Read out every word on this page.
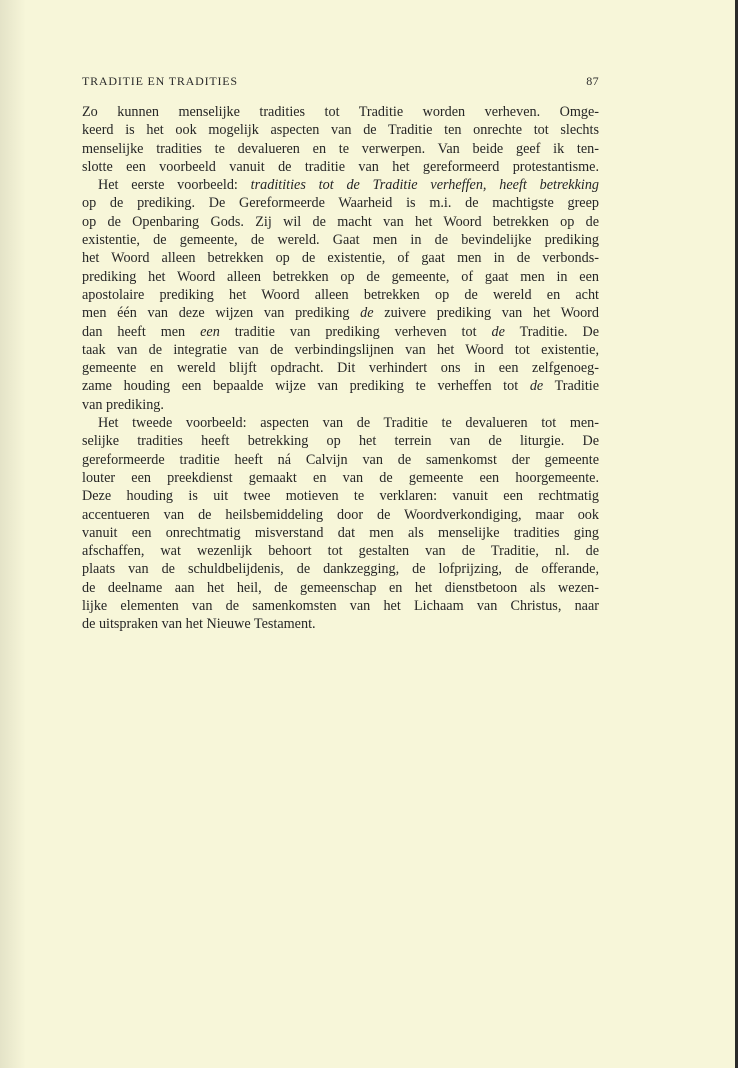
TRADITIE EN TRADITIES	87
Zo kunnen menselijke tradities tot Traditie worden verheven. Omge-
keerd is het ook mogelijk aspecten van de Traditie ten onrechte tot slechts
menselijke tradities te devalueren en te verwerpen. Van beide geef ik ten-
slotte een voorbeeld vanuit de traditie van het gereformeerd protestantisme.
Het eerste voorbeeld: traditities tot de Traditie verheffen, heeft betrekking
op de prediking. De Gereformeerde Waarheid is m.i. de machtigste greep
op de Openbaring Gods. Zij wil de macht van het Woord betrekken op de
existentie, de gemeente, de wereld. Gaat men in de bevindelijke prediking
het Woord alleen betrekken op de existentie, of gaat men in de verbonds-
prediking het Woord alleen betrekken op de gemeente, of gaat men in een
apostolaire prediking het Woord alleen betrekken op de wereld en acht
men één van deze wijzen van prediking de zuivere prediking van het Woord
dan heeft men een traditie van prediking verheven tot de Traditie. De
taak van de integratie van de verbindingslijnen van het Woord tot existentie,
gemeente en wereld blijft opdracht. Dit verhindert ons in een zelfgenoeg-
zame houding een bepaalde wijze van prediking te verheffen tot de Traditie
van prediking.
Het tweede voorbeeld: aspecten van de Traditie te devalueren tot men-
selijke tradities heeft betrekking op het terrein van de liturgie. De
gereformeerde traditie heeft ná Calvijn van de samenkomst der gemeente
louter een preekdienst gemaakt en van de gemeente een hoorgemeente.
Deze houding is uit twee motieven te verklaren: vanuit een rechtmatig
accentueren van de heilsbemiddeling door de Woordverkondiging, maar ook
vanuit een onrechtmatig misverstand dat men als menselijke tradities ging
afschaffen, wat wezenlijk behoort tot gestalten van de Traditie, nl. de
plaats van de schuldbelijdenis, de dankzegging, de lofprijzing, de offerande,
de deelname aan het heil, de gemeenschap en het dienstbetoon als wezen-
lijke elementen van de samenkomsten van het Lichaam van Christus, naar
de uitspraken van het Nieuwe Testament.
